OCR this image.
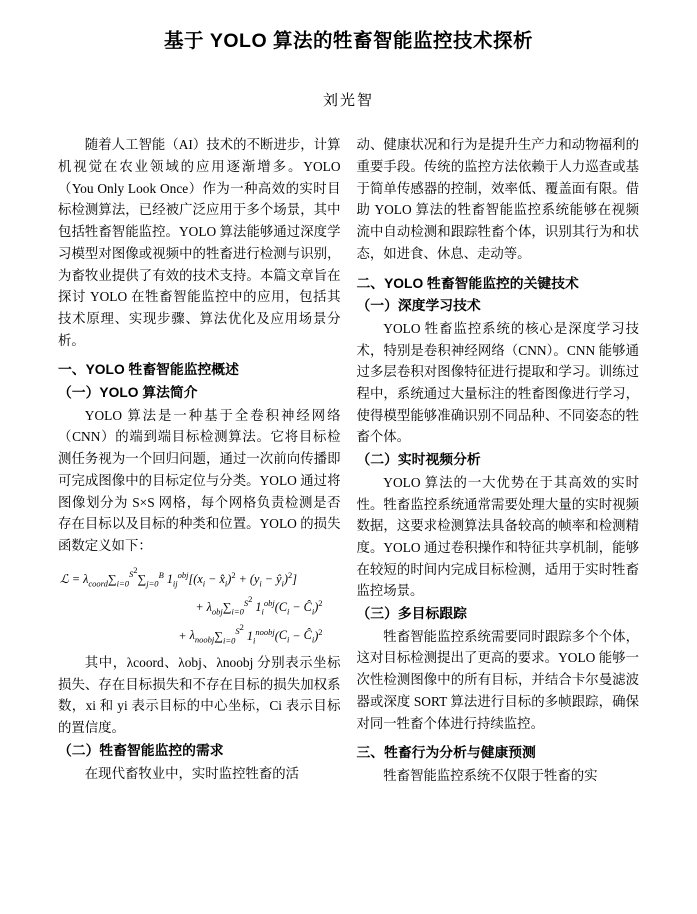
基于 YOLO 算法的牲畜智能监控技术探析
刘光智

随着人工智能（AI）技术的不断进步，计算机视觉在农业领域的应用逐渐增多。YOLO（You Only Look Once）作为一种高效的实时目标检测算法，已经被广泛应用于多个场景，其中包括牲畜智能监控。YOLO 算法能够通过深度学习模型对图像或视频中的牲畜进行检测与识别，为畜牧业提供了有效的技术支持。本篇文章旨在探讨 YOLO 在牲畜智能监控中的应用，包括其技术原理、实现步骤、算法优化及应用场景分析。

一、YOLO 牲畜智能监控概述
（一）YOLO 算法简介

YOLO 算法是一种基于全卷积神经网络（CNN）的端到端目标检测算法。它将目标检测任务视为一个回归问题，通过一次前向传播即可完成图像中的目标定位与分类。YOLO 通过将图像划分为 S×S 网格，每个网格负责检测是否存在目标以及目标的种类和位置。YOLO 的损失函数定义如下：

ℒ = $\lambda_{coord}\sum_{i=0}^{S^2}\sum_{j=0}^B$ $1_{ij}^{obj}[(x_i$ − $x̂_i)^2 + (y_i$ − $ŷ_i)^2$]
+ $\lambda_{obj}\sum_{i=0}^{S^2}$ $1_i^{obj}(C_i$ − $Ĉ_i)^2$
+ $\lambda_{noobj}\sum_{i=0}^{S^2}$ $1_i^{noobj}(C_i$ − $Ĉ_i)^2$

其中，λcoord、λobj、λnoobj 分别表示坐标损失、存在目标损失和不存在目标的损失加权系数，xi 和 yi 表示目标的中心坐标，Ci 表示目标的置信度。

（二）牲畜智能监控的需求

在现代畜牧业中，实时监控牲畜的活

动、健康状况和行为是提升生产力和动物福利的重要手段。传统的监控方法依赖于人力巡查或基于简单传感器的控制，效率低、覆盖面有限。借助 YOLO 算法的牲畜智能监控系统能够在视频流中自动检测和跟踪牲畜个体，识别其行为和状态，如进食、休息、走动等。

二、YOLO 牲畜智能监控的关键技术
（一）深度学习技术

YOLO 牲畜监控系统的核心是深度学习技术，特别是卷积神经网络（CNN）。CNN 能够通过多层卷积对图像特征进行提取和学习。训练过程中，系统通过大量标注的牲畜图像进行学习，使得模型能够准确识别不同品种、不同姿态的牲畜个体。

（二）实时视频分析

YOLO 算法的一大优势在于其高效的实时性。牲畜监控系统通常需要处理大量的实时视频数据，这要求检测算法具备较高的帧率和检测精度。YOLO 通过卷积操作和特征共享机制，能够在较短的时间内完成目标检测，适用于实时牲畜监控场景。

（三）多目标跟踪

牲畜智能监控系统需要同时跟踪多个个体，这对目标检测提出了更高的要求。YOLO 能够一次性检测图像中的所有目标，并结合卡尔曼滤波器或深度 SORT 算法进行目标的多帧跟踪，确保对同一牲畜个体进行持续监控。

三、牲畜行为分析与健康预测

牲畜智能监控系统不仅限于牲畜的实
